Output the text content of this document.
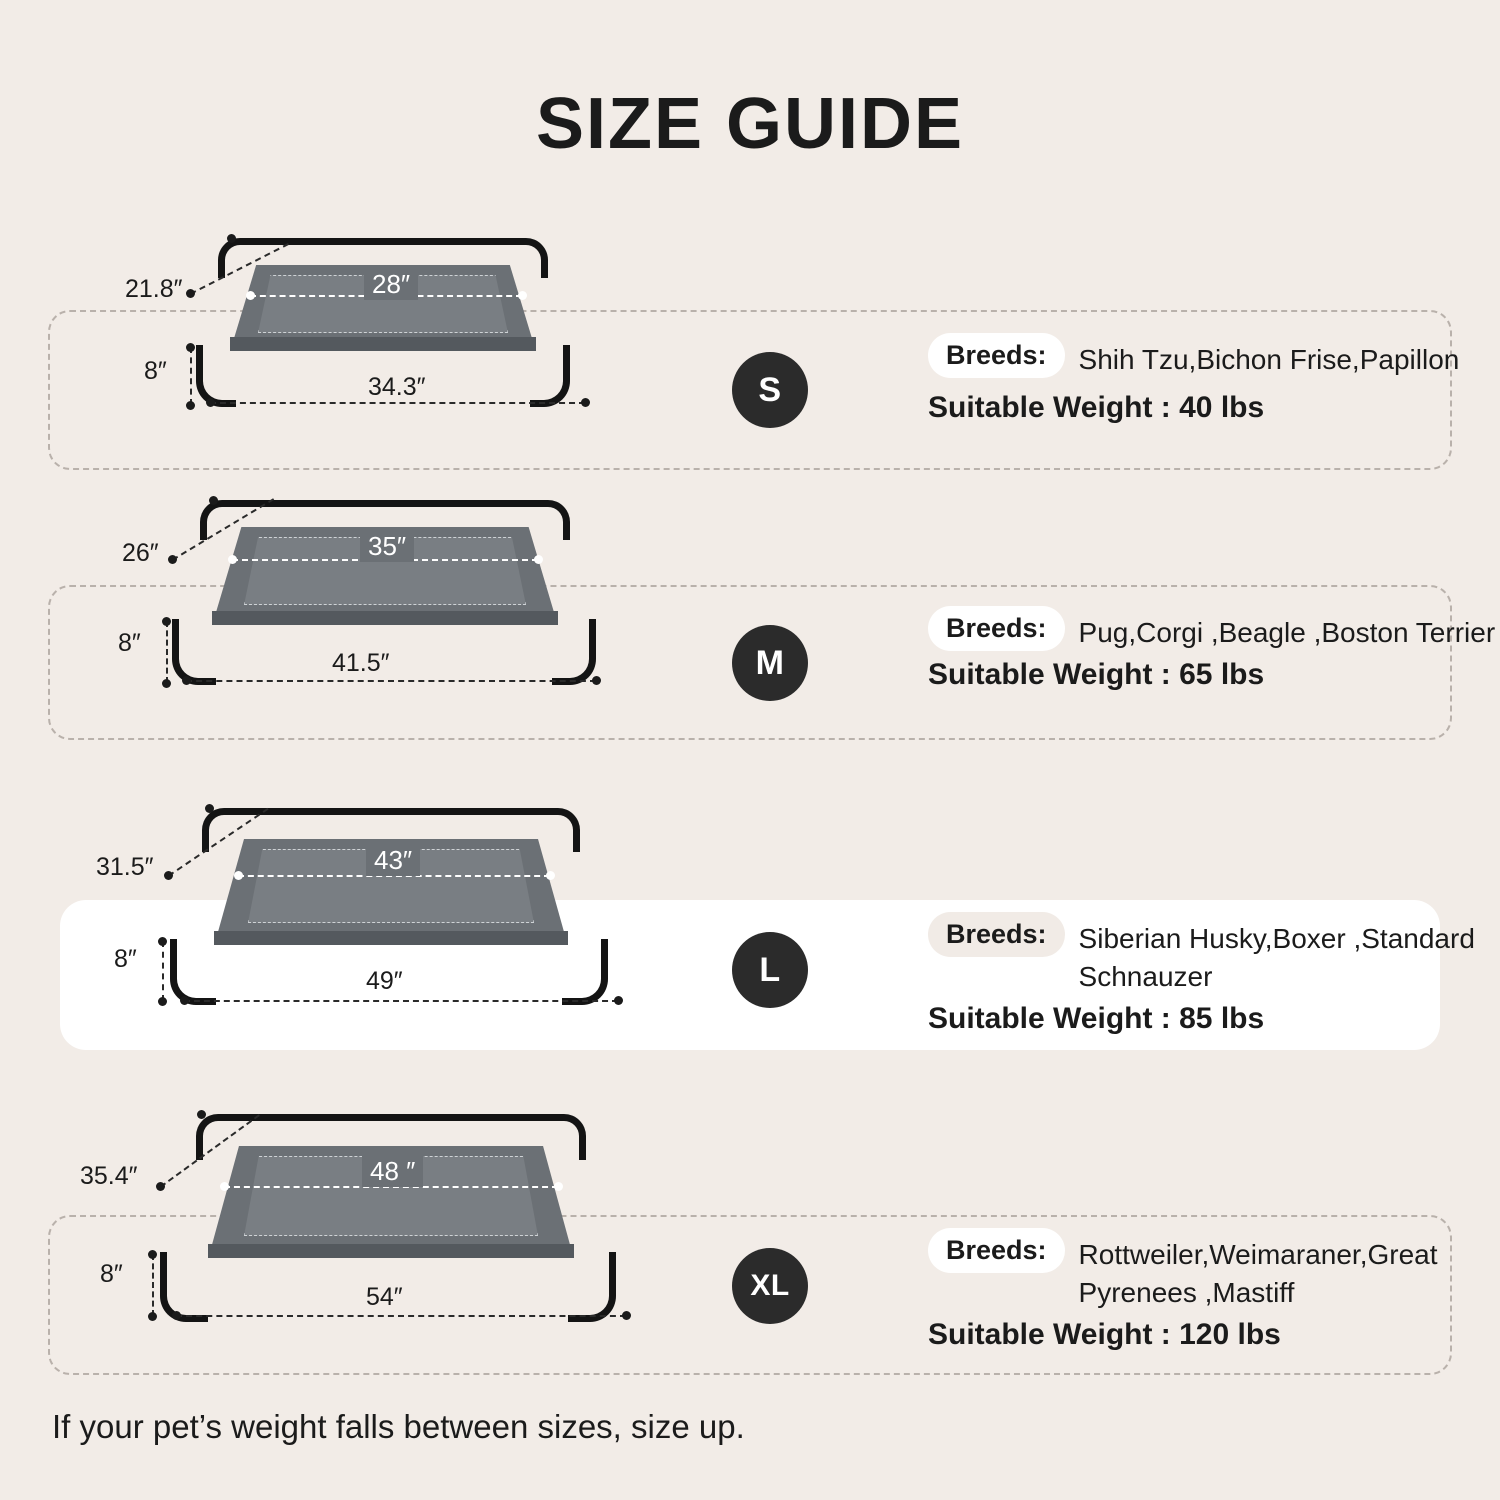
SIZE GUIDE
28″
21.8″
34.3″
8″	S
Breeds:	Shih Tzu,Bichon Frise,Papillon
Suitable Weight : 40 lbs
35″
26″
41.5″
8″
M
Breeds:	Pug,Corgi ,Beagle ,Boston Terrier
Suitable Weight : 65 lbs
43″
31.5″
49″
8″	L
Breeds:	Siberian Husky,Boxer ,Standard Schnauzer
Suitable Weight : 85 lbs
48 ″
35.4″
54″
8″	XL
Breeds:	Rottweiler,Weimaraner,Great Pyrenees ,Mastiff
Suitable Weight : 120 lbs
If your pet’s weight falls between sizes, size up.
